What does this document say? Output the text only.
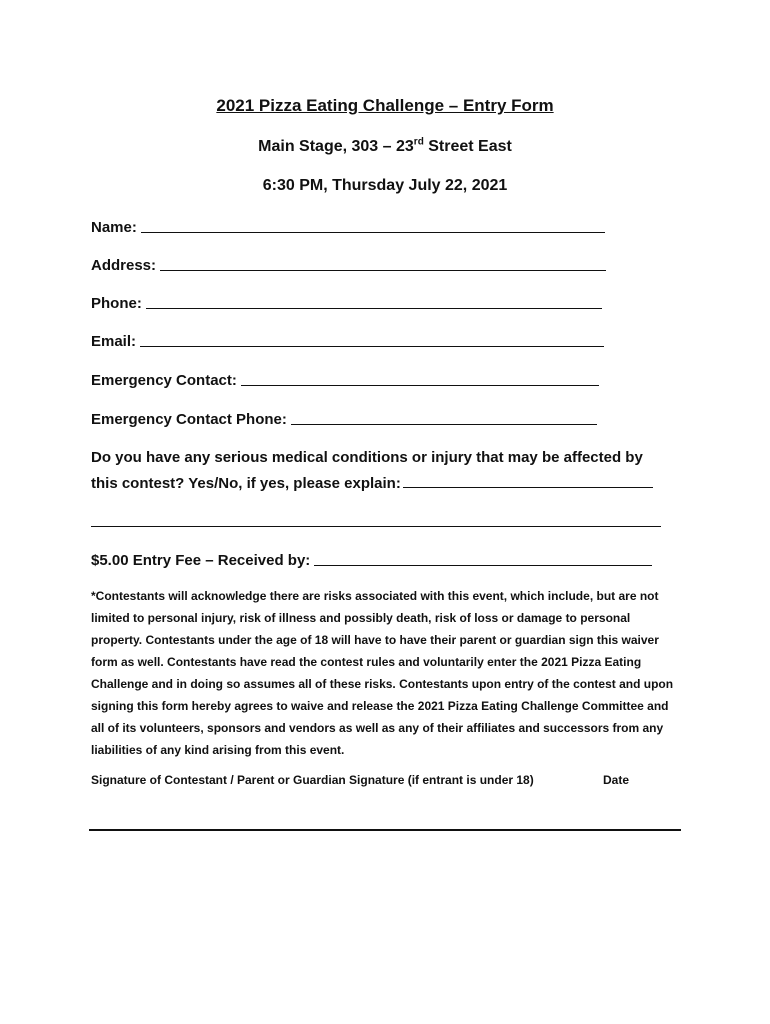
2021 Pizza Eating Challenge – Entry Form
Main Stage, 303 – 23rd Street East
6:30 PM, Thursday July 22, 2021
Name:
Address:
Phone:
Email:
Emergency Contact:
Emergency Contact Phone:
Do you have any serious medical conditions or injury that may be affected by
this contest? Yes/No, if yes, please explain:
$5.00 Entry Fee – Received by:
*Contestants will acknowledge there are risks associated with this event, which include, but are not limited to personal injury, risk of illness and possibly death, risk of loss or damage to personal property. Contestants under the age of 18 will have to have their parent or guardian sign this waiver form as well. Contestants have read the contest rules and voluntarily enter the 2021 Pizza Eating Challenge and in doing so assumes all of these risks. Contestants upon entry of the contest and upon signing this form hereby agrees to waive and release the 2021 Pizza Eating Challenge Committee and all of its volunteers, sponsors and vendors as well as any of their affiliates and successors from any liabilities of any kind arising from this event.
Signature of Contestant / Parent or Guardian Signature (if entrant is under 18)	Date
